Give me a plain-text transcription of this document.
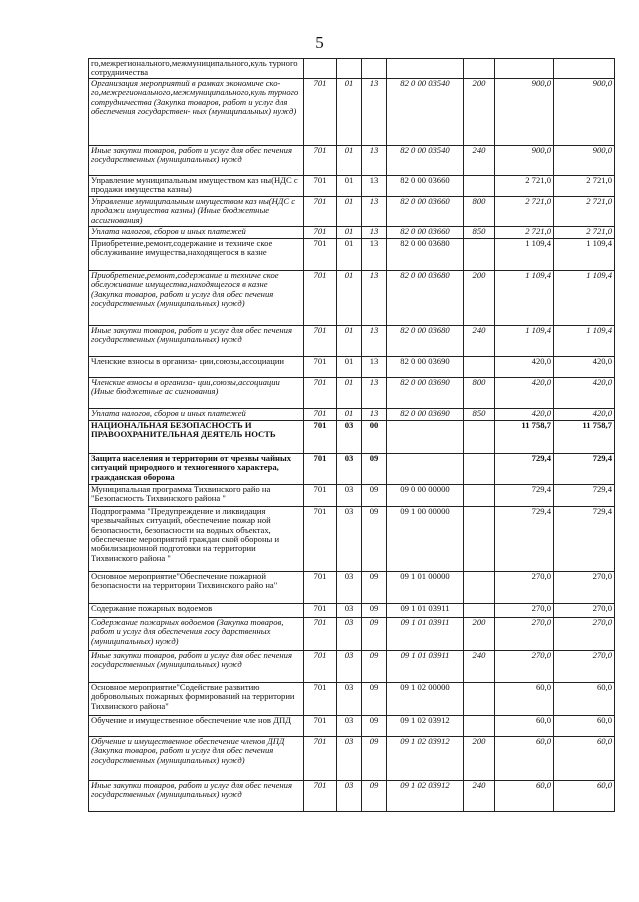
5
го,межрегионального,межмуниципального,куль турного сотрудничества							
Организация мероприятий в рамках экономиче ско- го,межрегионального,межмуниципального,куль турного сотрудничества (Закупка товаров, работ и услуг для обеспечения государствен- ных (муниципальных) нужд)	701	01	13	82 0 00 03540	200	900,0	900,0
Иные закупки товаров, работ и услуг для обес печения государственных (муниципальных) нужд	701	01	13	82 0 00 03540	240	900,0	900,0
Управление муниципальным имуществом каз ны(НДС с продажи имущества казны)	701	01	13	82 0 00 03660		2 721,0	2 721,0
Управление муниципальным имуществом каз ны(НДС с продажи имущества казны) (Иные бюджетные ассигнования)	701	01	13	82 0 00 03660	800	2 721,0	2 721,0
Уплата налогов, сборов и иных платежей	701	01	13	82 0 00 03660	850	2 721,0	2 721,0
Приобретение,ремонт,содержание и техниче ское обслуживание имущества,находящегося в казне	701	01	13	82 0 00 03680		1 109,4	1 109,4
Приобретение,ремонт,содержание и техниче ское обслуживание имущества,находящегося в казне (Закупка товаров, работ и услуг для обес печения государственных (муниципальных) нужд)	701	01	13	82 0 00 03680	200	1 109,4	1 109,4
Иные закупки товаров, работ и услуг для обес печения государственных (муниципальных) нужд	701	01	13	82 0 00 03680	240	1 109,4	1 109,4
Членские взносы в организа- ции,союзы,ассоциации	701	01	13	82 0 00 03690		420,0	420,0
Членские взносы в организа- ции,союзы,ассоциации (Иные бюджетные ас сигнования)	701	01	13	82 0 00 03690	800	420,0	420,0
Уплата налогов, сборов и иных платежей	701	01	13	82 0 00 03690	850	420,0	420,0
НАЦИОНАЛЬНАЯ БЕЗОПАСНОСТЬ И ПРАВООХРАНИТЕЛЬНАЯ ДЕЯТЕЛЬ НОСТЬ	701	03	00			11 758,7	11 758,7
Защита населения и территории от чрезвы чайных ситуаций природного и техногенного характера, гражданская оборона	701	03	09			729,4	729,4
Муниципальная программа Тихвинского райо на "Безопасность Тихвинского района "	701	03	09	09 0 00 00000		729,4	729,4
Подпрограмма "Предупреждение и ликвидация чрезвычайных ситуаций, обеспечение пожар ной безопасности, безопасности на водных объектах, обеспечение мероприятий граждан ской обороны и мобилизационной подготовки на территории Тихвинского района "	701	03	09	09 1 00 00000		729,4	729,4
Основное мероприятие"Обеспечение пожарной безопасности на территории Тихвинского райо на"	701	03	09	09 1 01 00000		270,0	270,0
Содержание пожарных водоемов	701	03	09	09 1 01 03911		270,0	270,0
Содержание пожарных водоемов (Закупка товаров, работ и услуг для обеспечения госу дарственных (муниципальных) нужд)	701	03	09	09 1 01 03911	200	270,0	270,0
Иные закупки товаров, работ и услуг для обес печения государственных (муниципальных) нужд	701	03	09	09 1 01 03911	240	270,0	270,0
Основное мероприятие"Содействие развитию добровольных пожарных формирований на территории Тихвинского района"	701	03	09	09 1 02 00000		60,0	60,0
Обучение и имущественное обеспечение чле нов ДПД	701	03	09	09 1 02 03912		60,0	60,0
Обучение и имущественное обеспечение членов ДПД (Закупка товаров, работ и услуг для обес печения государственных (муниципальных) нужд)	701	03	09	09 1 02 03912	200	60,0	60,0
Иные закупки товаров, работ и услуг для обес печения государственных (муниципальных) нужд	701	03	09	09 1 02 03912	240	60,0	60,0
